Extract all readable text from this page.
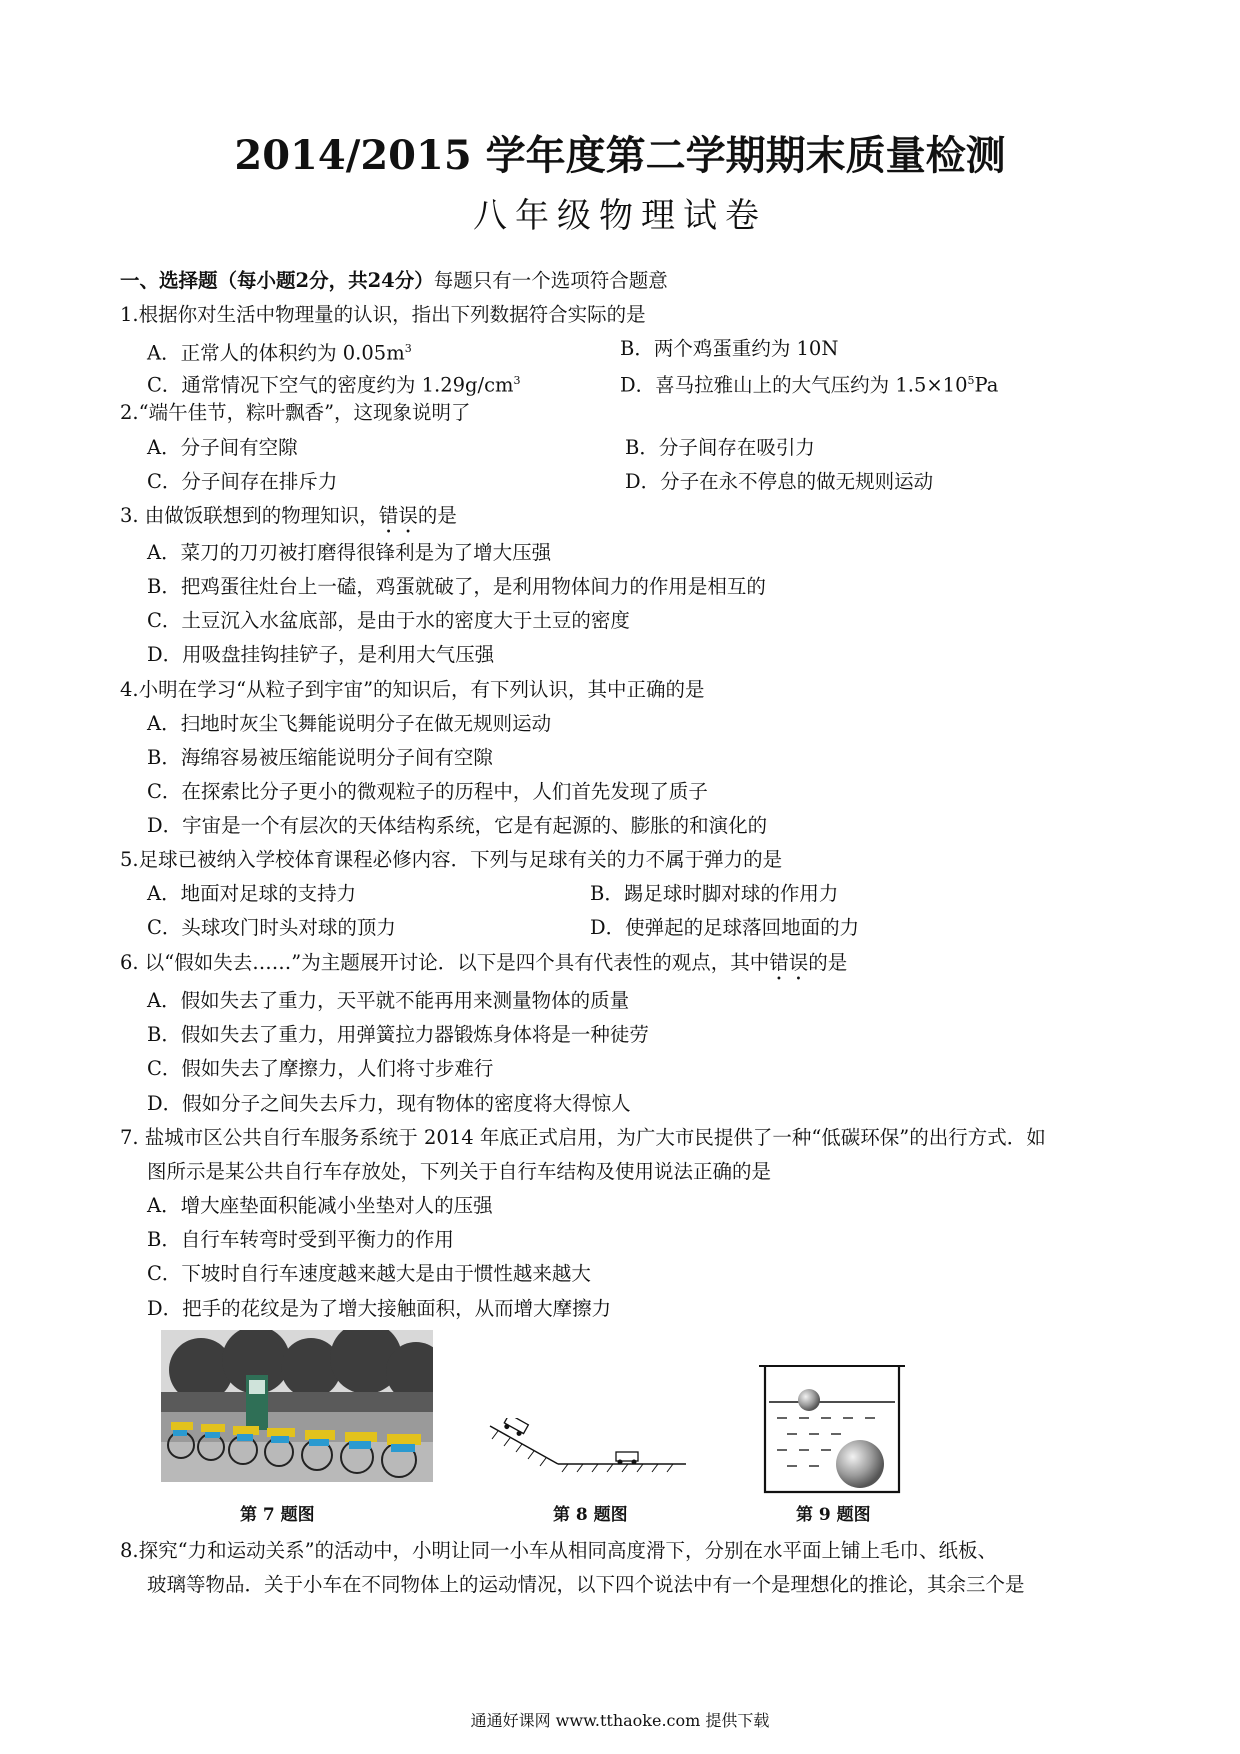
2014/2015 学年度第二学期期末质量检测
八年级物理试卷
一、选择题（每小题2分，共24分）每题只有一个选项符合题意
1.根据你对生活中物理量的认识，指出下列数据符合实际的是
A．正常人的体积约为 $0.05m^3$	B．两个鸡蛋重约为 10N
C．通常情况下空气的密度约为 $1.29g/cm^3$	D．喜马拉雅山上的大气压约为 $1.5\times 10^5Pa$
2.“端午佳节，粽叶飘香”，这现象说明了
A．分子间有空隙	B．分子间存在吸引力
C．分子间存在排斥力	D．分子在永不停息的做无规则运动
3. 由做饭联想到的物理知识，错误的是
A．菜刀的刀刃被打磨得很锋利是为了增大压强
B．把鸡蛋往灶台上一磕，鸡蛋就破了，是利用物体间力的作用是相互的
C．土豆沉入水盆底部，是由于水的密度大于土豆的密度
D．用吸盘挂钩挂铲子，是利用大气压强
4.小明在学习“从粒子到宇宙”的知识后，有下列认识，其中正确的是
A．扫地时灰尘飞舞能说明分子在做无规则运动
B．海绵容易被压缩能说明分子间有空隙
C．在探索比分子更小的微观粒子的历程中，人们首先发现了质子
D．宇宙是一个有层次的天体结构系统，它是有起源的、膨胀的和演化的
5.足球已被纳入学校体育课程必修内容．下列与足球有关的力不属于弹力的是
A．地面对足球的支持力	B．踢足球时脚对球的作用力
C．头球攻门时头对球的顶力	D．使弹起的足球落回地面的力
6. 以“假如失去……”为主题展开讨论．以下是四个具有代表性的观点，其中错误的是
A．假如失去了重力，天平就不能再用来测量物体的质量
B．假如失去了重力，用弹簧拉力器锻炼身体将是一种徒劳
C．假如失去了摩擦力，人们将寸步难行
D．假如分子之间失去斥力，现有物体的密度将大得惊人
7. 盐城市区公共自行车服务系统于 2014 年底正式启用，为广大市民提供了一种“低碳环保”的出行方式．如
图所示是某公共自行车存放处，下列关于自行车结构及使用说法正确的是
A．增大座垫面积能减小坐垫对人的压强
B．自行车转弯时受到平衡力的作用
C．下坡时自行车速度越来越大是由于惯性越来越大
D．把手的花纹是为了增大接触面积，从而增大摩擦力
第 7 题图	第 8 题图	第 9 题图
8.探究“力和运动关系”的活动中，小明让同一小车从相同高度滑下，分别在水平面上铺上毛巾、纸板、
玻璃等物品．关于小车在不同物体上的运动情况，以下四个说法中有一个是理想化的推论，其余三个是
通通好课网 www.tthaoke.com 提供下载
